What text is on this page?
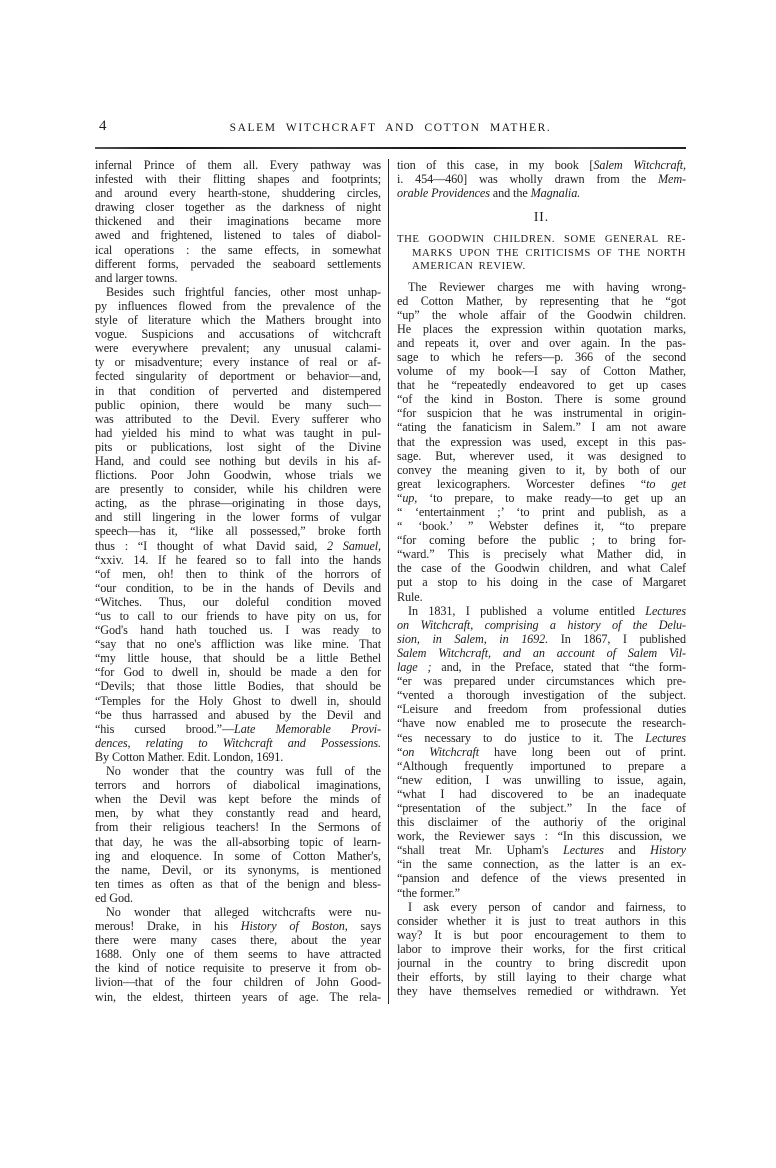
4	SALEM WITCHCRAFT AND COTTON MATHER.
infernal Prince of them all. Every pathway was
infested with their flitting shapes and footprints;
and around every hearth-stone, shuddering circles,
drawing closer together as the darkness of night
thickened and their imaginations became more
awed and frightened, listened to tales of diabol-
ical operations : the same effects, in somewhat
different forms, pervaded the seaboard settlements
and larger towns.
Besides such frightful fancies, other most unhap-
py influences flowed from the prevalence of the
style of literature which the Mathers brought into
vogue. Suspicions and accusations of witchcraft
were everywhere prevalent; any unusual calami-
ty or misadventure; every instance of real or af-
fected singularity of deportment or behavior—and,
in that condition of perverted and distempered
public opinion, there would be many such—
was attributed to the Devil. Every sufferer who
had yielded his mind to what was taught in pul-
pits or publications, lost sight of the Divine
Hand, and could see nothing but devils in his af-
flictions. Poor John Goodwin, whose trials we
are presently to consider, while his children were
acting, as the phrase—originating in those days,
and still lingering in the lower forms of vulgar
speech—has it, “like all possessed,” broke forth
thus : “I thought of what David said, 2 Samuel,
“xxiv. 14. If he feared so to fall into the hands
“of men, oh! then to think of the horrors of
“our condition, to be in the hands of Devils and
“Witches. Thus, our doleful condition moved
“us to call to our friends to have pity on us, for
“God's hand hath touched us. I was ready to
“say that no one's affliction was like mine. That
“my little house, that should be a little Bethel
“for God to dwell in, should be made a den for
“Devils; that those little Bodies, that should be
“Temples for the Holy Ghost to dwell in, should
“be thus harrassed and abused by the Devil and
“his cursed brood.”—Late Memorable Provi-
dences, relating to Witchcraft and Possessions.
By Cotton Mather. Edit. London, 1691.
No wonder that the country was full of the
terrors and horrors of diabolical imaginations,
when the Devil was kept before the minds of
men, by what they constantly read and heard,
from their religious teachers! In the Sermons of
that day, he was the all-absorbing topic of learn-
ing and eloquence. In some of Cotton Mather's,
the name, Devil, or its synonyms, is mentioned
ten times as often as that of the benign and bless-
ed God.
No wonder that alleged witchcrafts were nu-
merous! Drake, in his History of Boston, says
there were many cases there, about the year
1688. Only one of them seems to have attracted
the kind of notice requisite to preserve it from ob-
livion—that of the four children of John Good-
win, the eldest, thirteen years of age. The rela-
tion of this case, in my book [Salem Witchcraft,
i. 454—460] was wholly drawn from the Mem-
orable Providences and the Magnalia.
II.
THE GOODWIN CHILDREN. SOME GENERAL RE-
MARKS UPON THE CRITICISMS OF THE NORTH
AMERICAN REVIEW.
The Reviewer charges me with having wrong-
ed Cotton Mather, by representing that he “got
“up” the whole affair of the Goodwin children.
He places the expression within quotation marks,
and repeats it, over and over again. In the pas-
sage to which he refers—p. 366 of the second
volume of my book—I say of Cotton Mather,
that he “repeatedly endeavored to get up cases
“of the kind in Boston. There is some ground
“for suspicion that he was instrumental in origin-
“ating the fanaticism in Salem.” I am not aware
that the expression was used, except in this pas-
sage. But, wherever used, it was designed to
convey the meaning given to it, by both of our
great lexicographers. Worcester defines “to get
“up, ‘to prepare, to make ready—to get up an
“ ‘entertainment ;’ ‘to print and publish, as a
“ ‘book.’ ” Webster defines it, “to prepare
“for coming before the public ; to bring for-
“ward.” This is precisely what Mather did, in
the case of the Goodwin children, and what Calef
put a stop to his doing in the case of Margaret
Rule.
In 1831, I published a volume entitled Lectures
on Witchcraft, comprising a history of the Delu-
sion, in Salem, in 1692. In 1867, I published
Salem Witchcraft, and an account of Salem Vil-
lage ; and, in the Preface, stated that “the form-
“er was prepared under circumstances which pre-
“vented a thorough investigation of the subject.
“Leisure and freedom from professional duties
“have now enabled me to prosecute the research-
“es necessary to do justice to it. The Lectures
“on Witchcraft have long been out of print.
“Although frequently importuned to prepare a
“new edition, I was unwilling to issue, again,
“what I had discovered to be an inadequate
“presentation of the subject.” In the face of
this disclaimer of the authoriy of the original
work, the Reviewer says : “In this discussion, we
“shall treat Mr. Upham's Lectures and History
“in the same connection, as the latter is an ex-
“pansion and defence of the views presented in
“the former.”
I ask every person of candor and fairness, to
consider whether it is just to treat authors in this
way? It is but poor encouragement to them to
labor to improve their works, for the first critical
journal in the country to bring discredit upon
their efforts, by still laying to their charge what
they have themselves remedied or withdrawn. Yet
